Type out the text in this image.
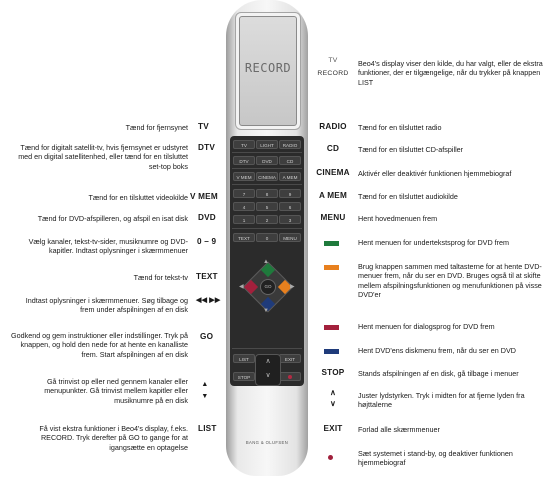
Tænd for fjernsynet TV
Tænd for digitalt satellit-tv, hvis fjernsynet er udstyret med en digital satellitenhed, eller tænd for en tilsluttet set-top boks
DTV
Tænd for en tilsluttet videokilde V MEM
Tænd for DVD-afspilleren, og afspil en isat disk DVD
Vælg kanaler, tekst-tv-sider, musiknumre og DVD-kapitler. Indtast oplysninger i skærmmenuer
0 – 9
Tænd for tekst-tv TEXT
Indtast oplysninger i skærmmenuer. Søg tilbage og frem under afspilningen af en disk
◀◀ ▶▶
Godkend og gem instruktioner eller indstillinger. Tryk på knappen, og hold den nede for at hente en kanalliste frem. Start afspilningen af en disk
GO
Gå trinvist op eller ned gennem kanaler eller menupunkter. Gå trinvist mellem kapitler eller musiknumre på en disk
▲ ▼
Få vist ekstra funktioner i Beo4's display, f.eks. RECORD. Tryk derefter på GO to gange for at igangsætte en optagelse
LIST
RECORD
TV	LIGHT	RADIO
DTV	DVD	CD
V MEM	CINEMA	A MEM
7	8	9
4	5	6
1	2	3
TEXT	0	MENU
GO
▲
▼
◀	▶
LIST	EXIT
STOP
∧
∨
BANG & OLUFSEN
TV
RECORD
Beo4's display viser den kilde, du har valgt, eller de ekstra funktioner, der er tilgængelige, når du trykker på knappen LIST
RADIO	Tænd for en tilsluttet radio
CD	Tænd for en tilsluttet CD-afspiller
CINEMA	Aktivér eller deaktivér funktionen hjemmebiograf
A MEM	Tænd for en tilsluttet audiokilde
MENU	Hent hovedmenuen frem
Hent menuen for undertekstsprog for DVD frem
Brug knappen sammen med taltasterne for at hente DVD-menuer frem, når du ser en DVD. Bruges også til at skifte mellem afspilningsfunktionen og menufunktionen på visse DVD'er
Hent menuen for dialogsprog for DVD frem
Hent DVD'ens diskmenu frem, når du ser en DVD
STOP	Stands afspilningen af en disk, gå tilbage i menuer
∧ ∨
Juster lydstyrken. Tryk i midten for at fjerne lyden fra højttalerne
EXIT	Forlad alle skærmmenuer
Sæt systemet i stand-by, og deaktiver funktionen hjemmebiograf
